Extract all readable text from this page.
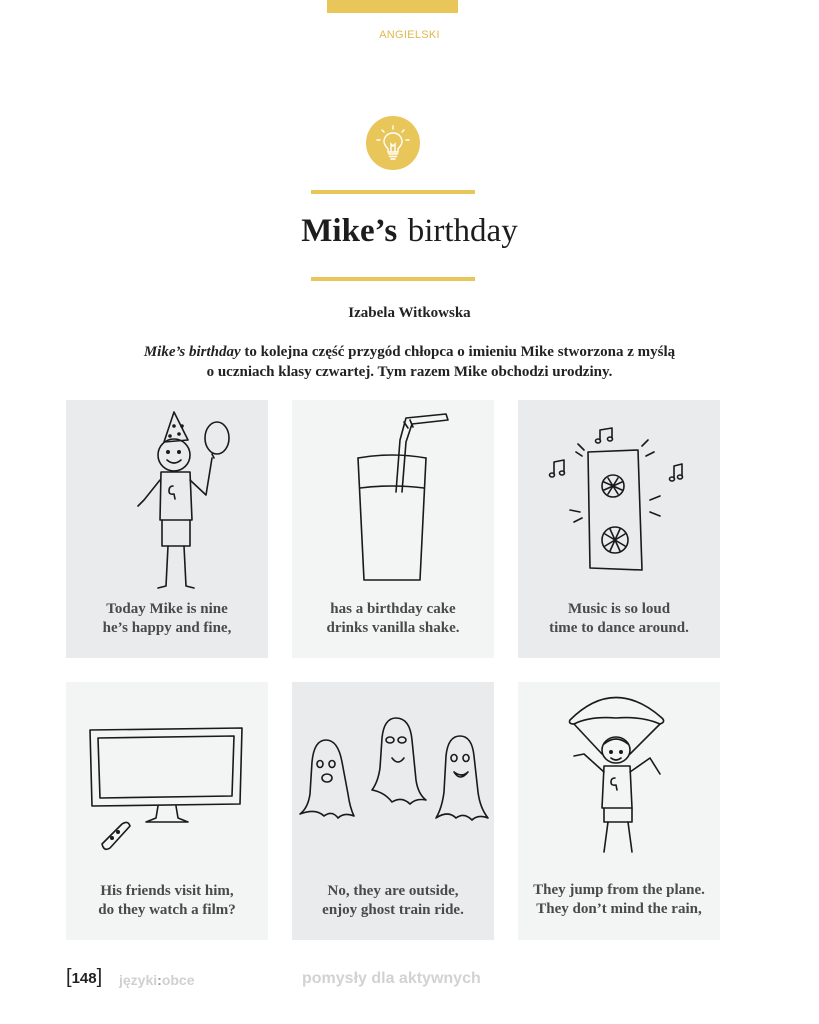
ANGIELSKI
Mike’s birthday
Izabela Witkowska
Mike’s birthday to kolejna część przygód chłopca o imieniu Mike stworzona z myślą
o uczniach klasy czwartej. Tym razem Mike obchodzi urodziny.
Today Mike is nine
he’s happy and fine,
has a birthday cake
drinks vanilla shake.
Music is so loud
time to dance around.
His friends visit him,
do they watch a film?
No, they are outside,
enjoy ghost train ride.
They jump from the plane.
They don’t mind the rain,
[148] języki:obce	pomysły dla aktywnych
